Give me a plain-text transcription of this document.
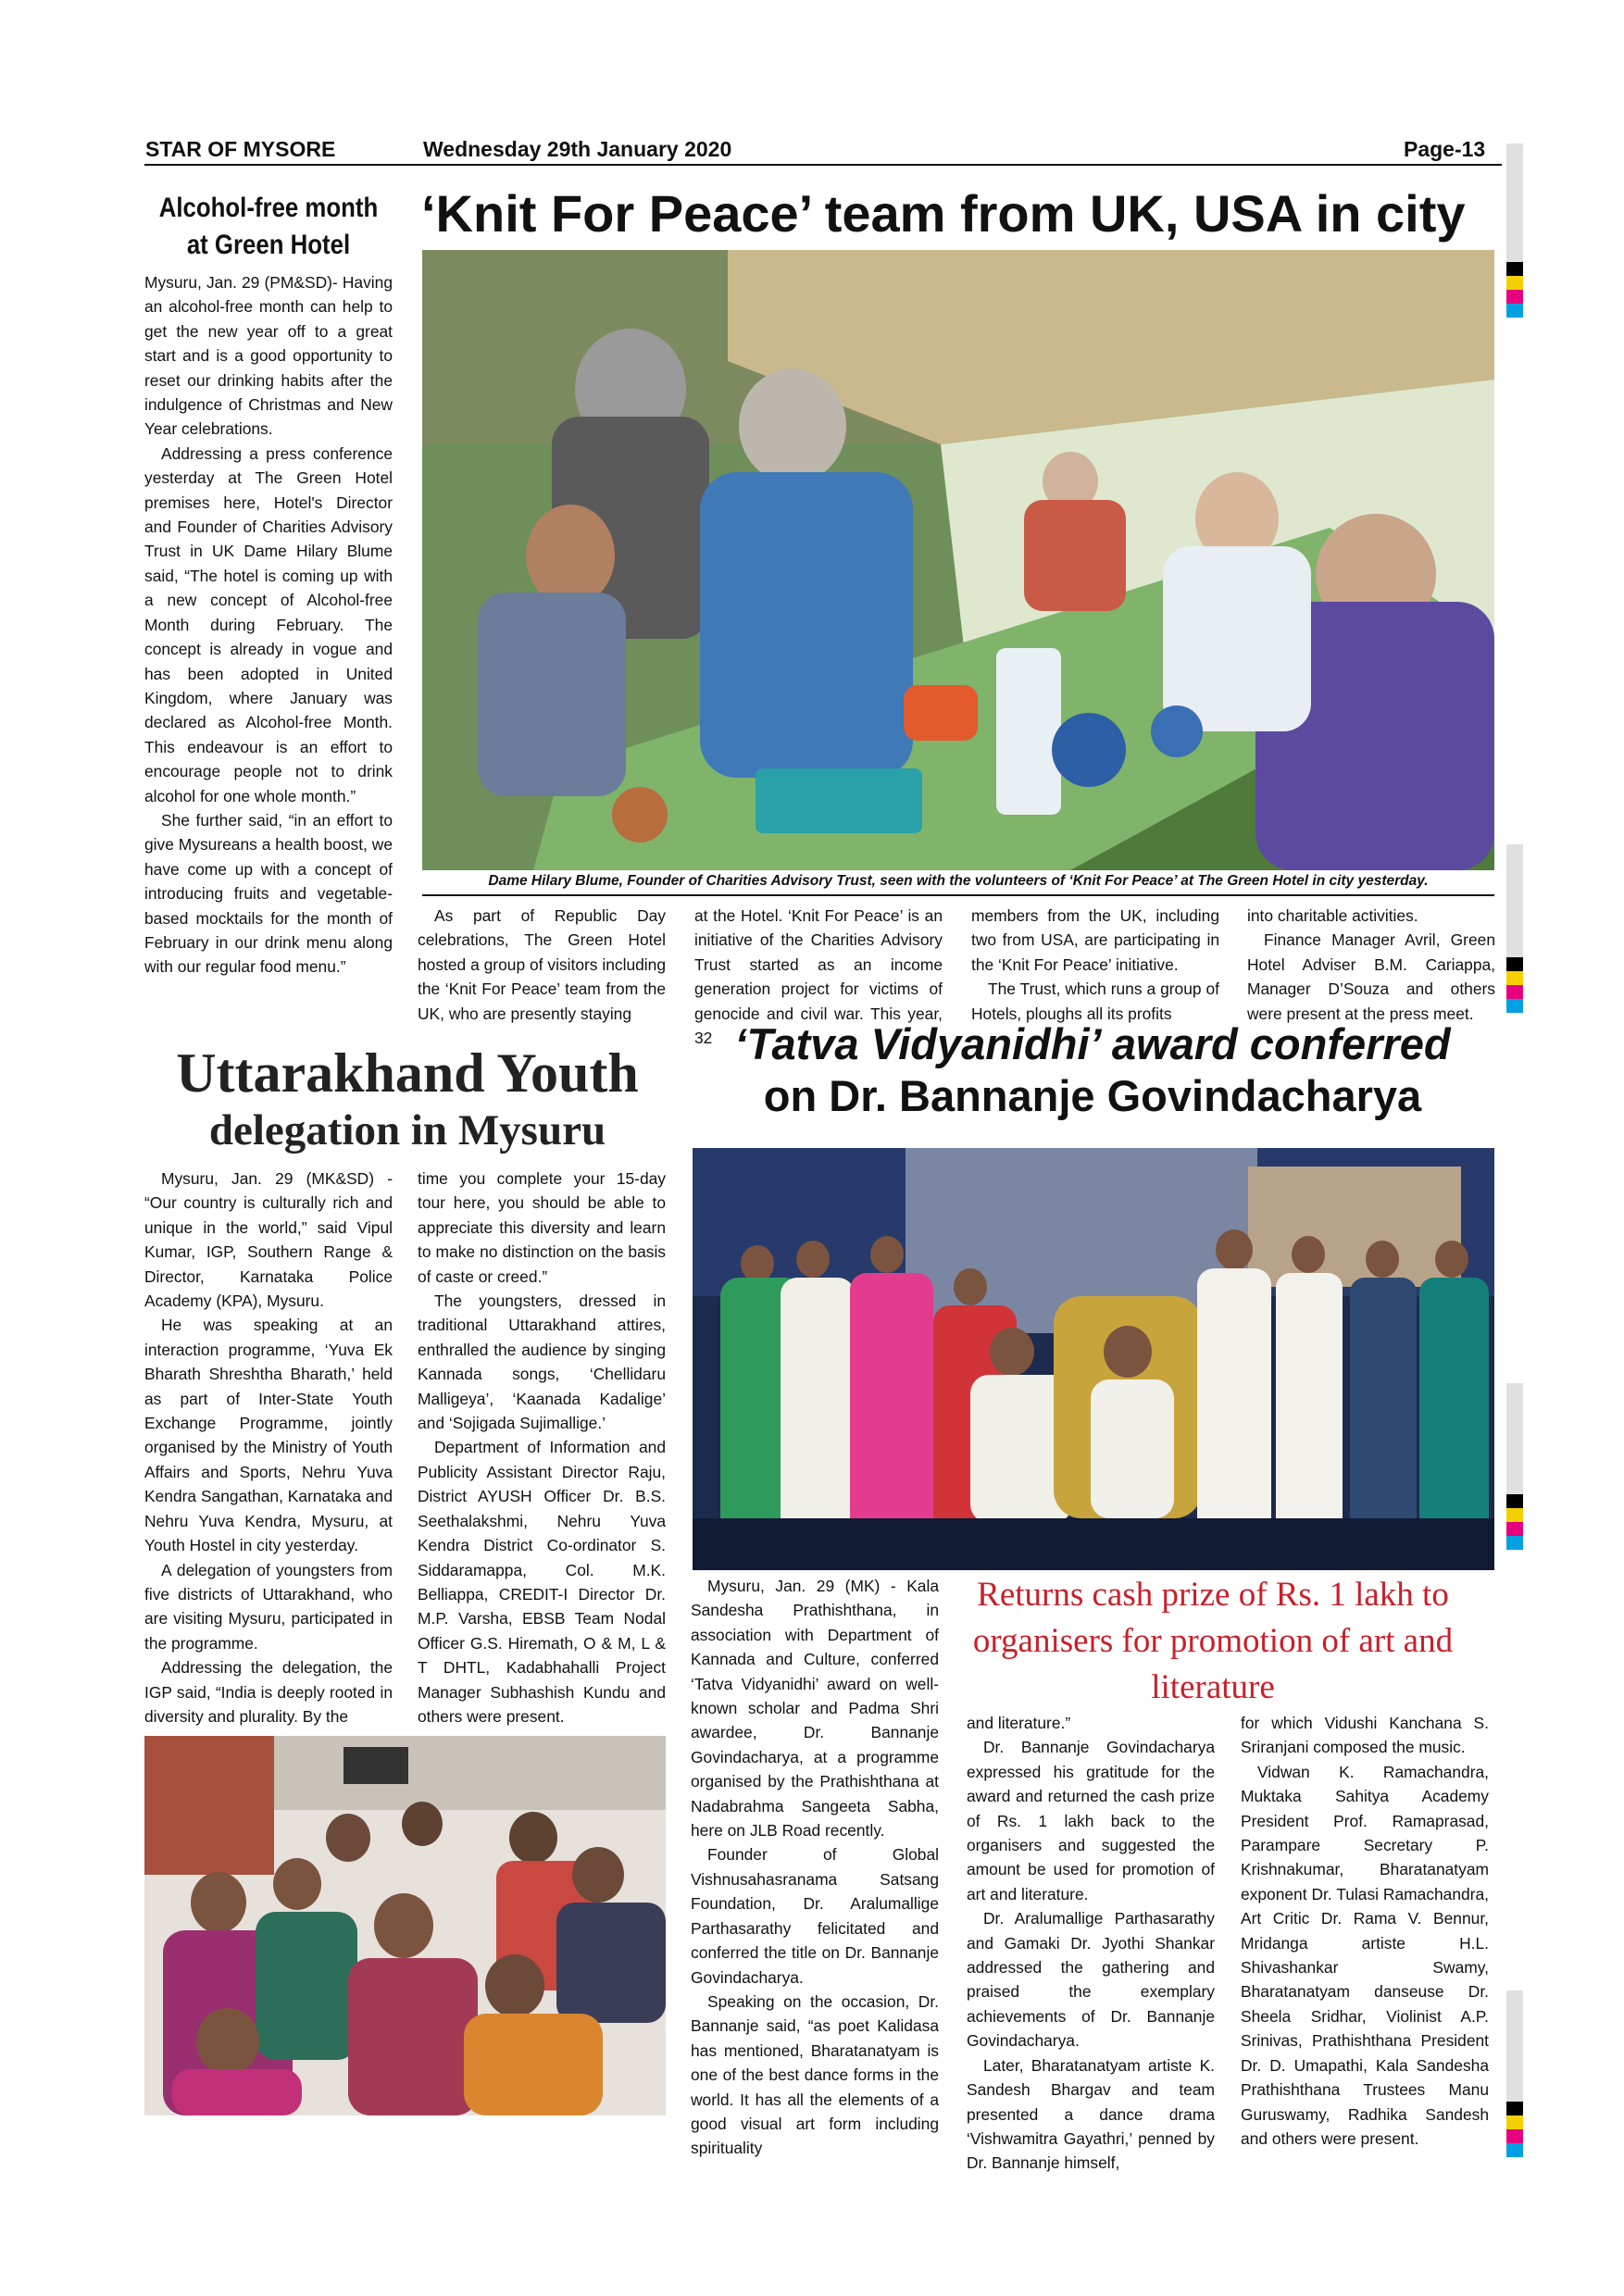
STAR OF MYSORE	Wednesday 29th January 2020	Page-13
Alcohol-free month
at Green Hotel

Mysuru, Jan. 29 (PM&SD)- Having an alcohol-free month can help to get the new year off to a great start and is a good opportunity to reset our drinking habits after the indulgence of Christmas and New Year celebrations.

Addressing a press conference yesterday at The Green Hotel premises here, Hotel's Director and Founder of Charities Advisory Trust in UK Dame Hilary Blume said, “The hotel is coming up with a new concept of Alcohol-free Month during February. The concept is already in vogue and has been adopted in United Kingdom, where January was declared as Alcohol-free Month. This endeavour is an effort to encourage people not to drink alcohol for one whole month.”

She further said, “in an effort to give Mysureans a health boost, we have come up with a concept of introducing fruits and vegetable-based mocktails for the month of February in our drink menu along with our regular food menu.”

‘Knit For Peace’ team from UK, USA in city
Dame Hilary Blume, Founder of Charities Advisory Trust, seen with the volunteers of ‘Knit For Peace’ at The Green Hotel in city yesterday.

As part of Republic Day celebrations, The Green Hotel hosted a group of visitors including the ‘Knit For Peace’ team from the UK, who are presently staying

at the Hotel. ‘Knit For Peace’ is an initiative of the Charities Advisory Trust started as an income generation project for victims of genocide and civil war. This year, 32

members from the UK, including two from USA, are participating in the ‘Knit For Peace’ initiative.

The Trust, which runs a group of Hotels, ploughs all its profits

into charitable activities.

Finance Manager Avril, Green Hotel Adviser B.M. Cariappa, Manager D’Souza and others were present at the press meet.

Uttarakhand Youth
delegation in Mysuru

Mysuru, Jan. 29 (MK&SD) - “Our country is culturally rich and unique in the world,” said Vipul Kumar, IGP, Southern Range & Director, Karnataka Police Academy (KPA), Mysuru.

He was speaking at an interaction programme, ‘Yuva Ek Bharath Shreshtha Bharath,’ held as part of Inter-State Youth Exchange Programme, jointly organised by the Ministry of Youth Affairs and Sports, Nehru Yuva Kendra Sangathan, Karnataka and Nehru Yuva Kendra, Mysuru, at Youth Hostel in city yesterday.

A delegation of youngsters from five districts of Uttarakhand, who are visiting Mysuru, participated in the programme.

Addressing the delegation, the IGP said, “India is deeply rooted in diversity and plurality. By the

time you complete your 15-day tour here, you should be able to appreciate this diversity and learn to make no distinction on the basis of caste or creed.”

The youngsters, dressed in traditional Uttarakhand attires, enthralled the audience by singing Kannada songs, ‘Chellidaru Malligeya’, ‘Kaanada Kadalige’ and ‘Sojigada Sujimallige.’

Department of Information and Publicity Assistant Director Raju, District AYUSH Officer Dr. B.S. Seethalakshmi, Nehru Yuva Kendra District Co-ordinator S. Siddaramappa, Col. M.K. Belliappa, CREDIT-I Director Dr. M.P. Varsha, EBSB Team Nodal Officer G.S. Hiremath, O & M, L & T DHTL, Kadabhahalli Project Manager Subhashish Kundu and others were present.

‘Tatva Vidyanidhi’ award conferred
on Dr. Bannanje Govindacharya
Returns cash prize of Rs. 1 lakh to organisers for promotion of art and literature

Mysuru, Jan. 29 (MK) - Kala Sandesha Prathishthana, in association with Department of Kannada and Culture, conferred ‘Tatva Vidyanidhi’ award on well-known scholar and Padma Shri awardee, Dr. Bannanje Govindacharya, at a programme organised by the Prathishthana at Nadabrahma Sangeeta Sabha, here on JLB Road recently.

Founder of Global Vishnusahasranama Satsang Foundation, Dr. Aralumallige Parthasarathy felicitated and conferred the title on Dr. Bannanje Govindacharya.

Speaking on the occasion, Dr. Bannanje said, “as poet Kalidasa has mentioned, Bharatanatyam is one of the best dance forms in the world. It has all the elements of a good visual art form including spirituality

and literature.”

Dr. Bannanje Govindacharya expressed his gratitude for the award and returned the cash prize of Rs. 1 lakh back to the organisers and suggested the amount be used for promotion of art and literature.

Dr. Aralumallige Parthasarathy and Gamaki Dr. Jyothi Shankar addressed the gathering and praised the exemplary achievements of Dr. Bannanje Govindacharya.

Later, Bharatanatyam artiste K. Sandesh Bhargav and team presented a dance drama ‘Vishwamitra Gayathri,’ penned by Dr. Bannanje himself,

for which Vidushi Kanchana S. Sriranjani composed the music.

Vidwan K. Ramachandra, Muktaka Sahitya Academy President Prof. Ramaprasad, Parampare Secretary P. Krishnakumar, Bharatanatyam exponent Dr. Tulasi Ramachandra, Art Critic Dr. Rama V. Bennur, Mridanga artiste H.L. Shivashankar Swamy, Bharatanatyam danseuse Dr. Sheela Sridhar, Violinist A.P. Srinivas, Prathishthana President Dr. D. Umapathi, Kala Sandesha Prathishthana Trustees Manu Guruswamy, Radhika Sandesh and others were present.
